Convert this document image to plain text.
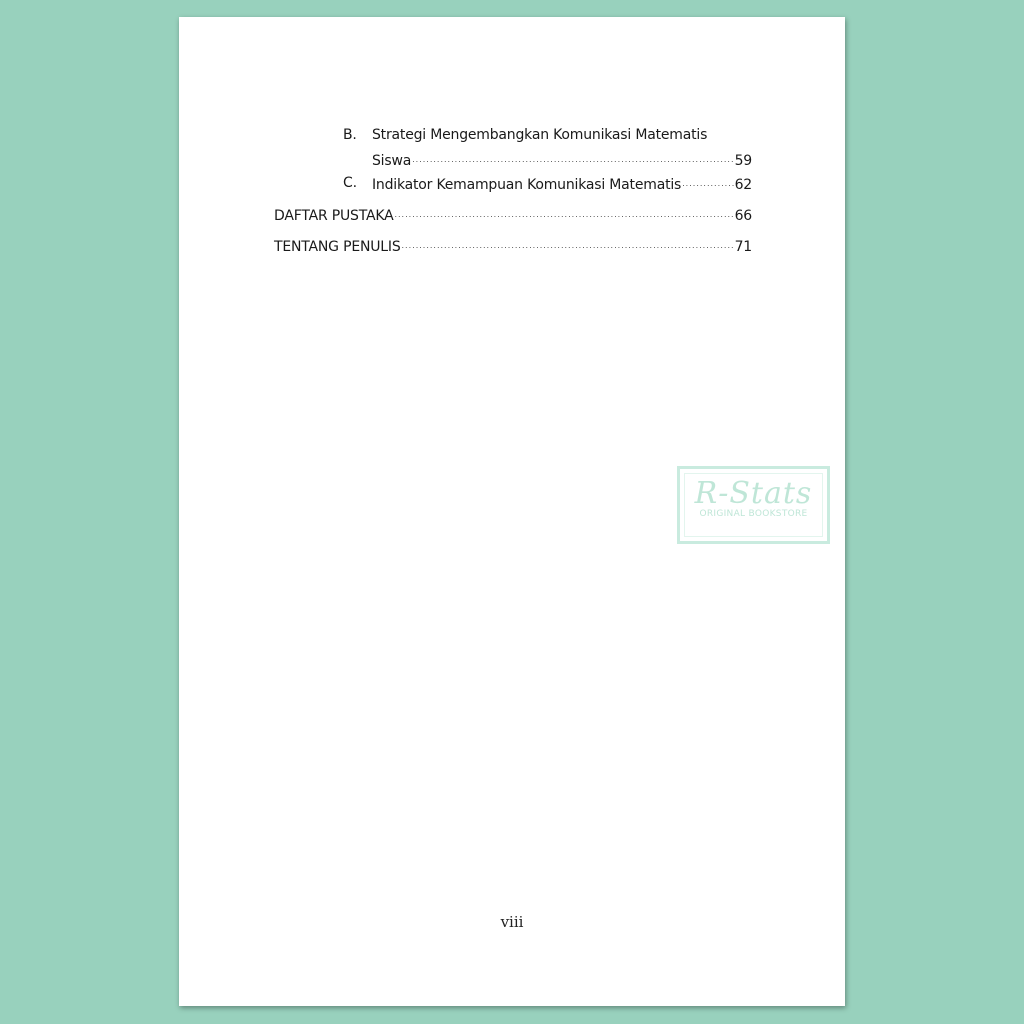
B. Strategi Mengembangkan Komunikasi Matematis
Siswa .....	59
C. Indikator Kemampuan Komunikasi Matematis .....	62
DAFTAR PUSTAKA .....	66
TENTANG PENULIS .....	71
R-Stats
ORIGINAL BOOKSTORE
viii
